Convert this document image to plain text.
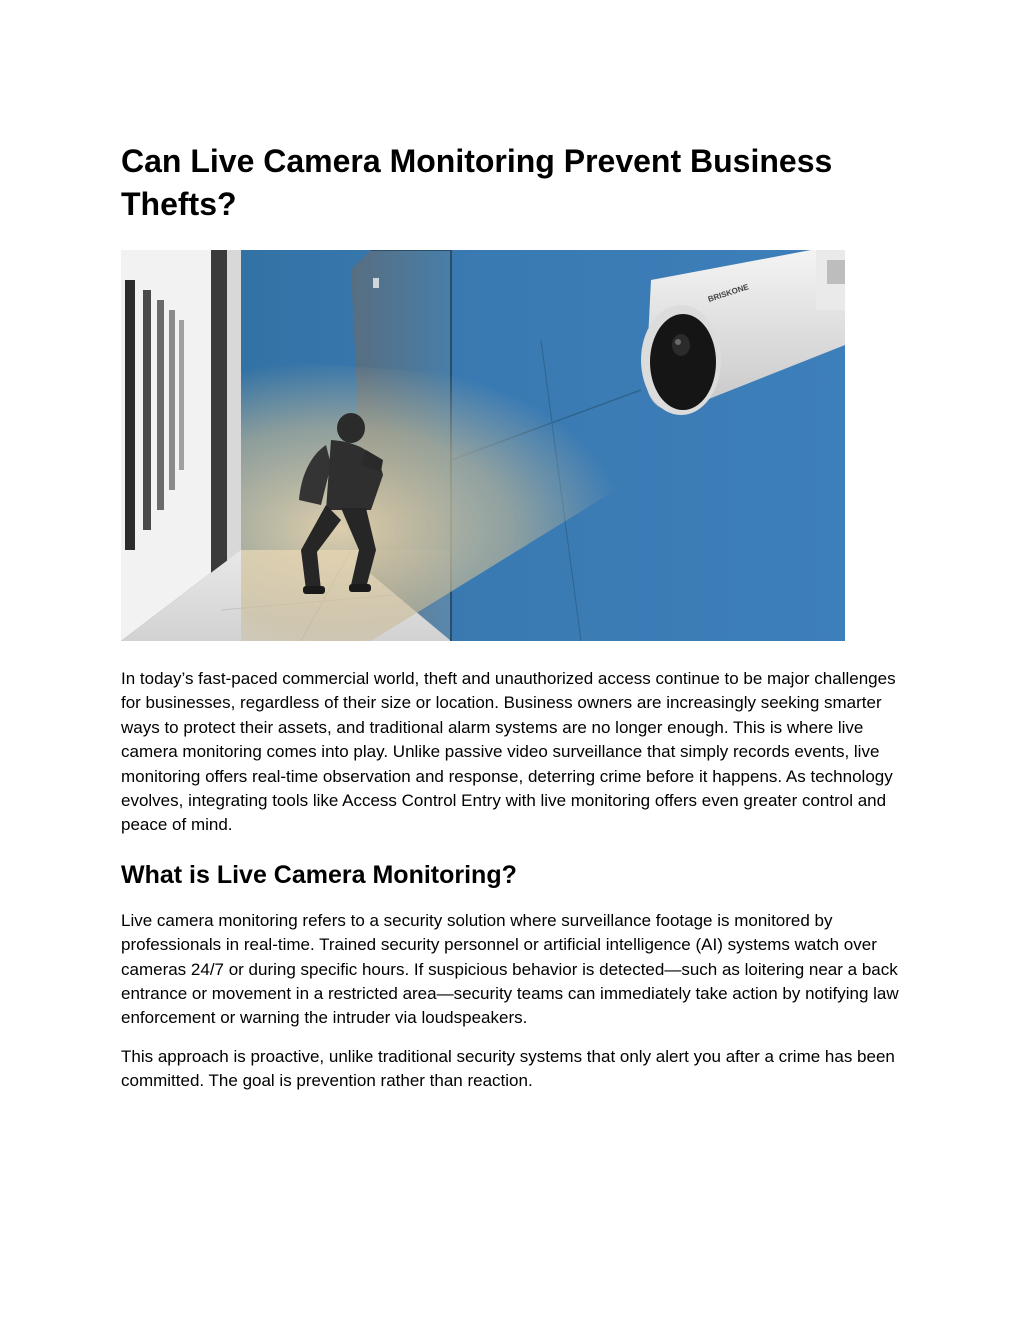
Can Live Camera Monitoring Prevent Business Thefts?
BRISKONE

In today’s fast-paced commercial world, theft and unauthorized access continue to be major challenges for businesses, regardless of their size or location. Business owners are increasingly seeking smarter ways to protect their assets, and traditional alarm systems are no longer enough. This is where live camera monitoring comes into play. Unlike passive video surveillance that simply records events, live monitoring offers real-time observation and response, deterring crime before it happens. As technology evolves, integrating tools like Access Control Entry with live monitoring offers even greater control and peace of mind.

What is Live Camera Monitoring?

Live camera monitoring refers to a security solution where surveillance footage is monitored by professionals in real-time. Trained security personnel or artificial intelligence (AI) systems watch over cameras 24/7 or during specific hours. If suspicious behavior is detected—such as loitering near a back entrance or movement in a restricted area—security teams can immediately take action by notifying law enforcement or warning the intruder via loudspeakers.

This approach is proactive, unlike traditional security systems that only alert you after a crime has been committed. The goal is prevention rather than reaction.
